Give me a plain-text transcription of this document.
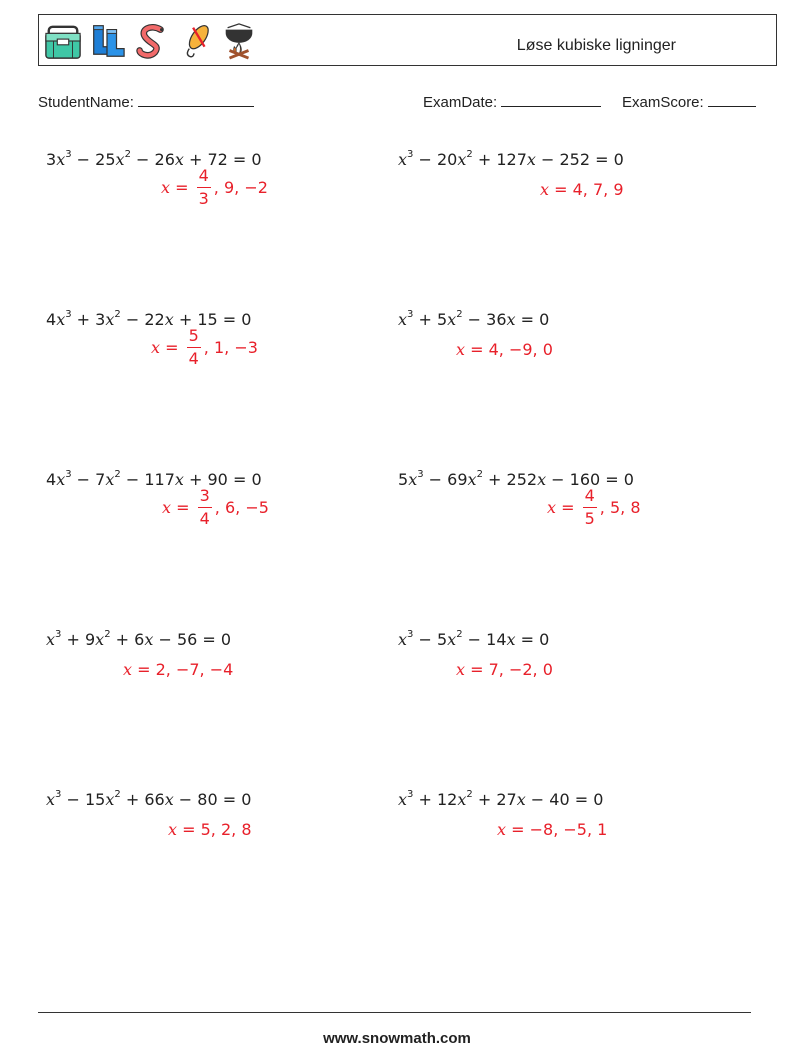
Løse kubiske ligninger
StudentName:	ExamDate:	ExamScore:
$3x^3 - 25x^2 - 26x + 72 = 0$
$x = \frac{4}{3}$ , 9, −2
$x^3 - 20x^2 + 127x - 252 = 0$
x = 4, 7, 9
$4x^3 + 3x^2 - 22x + 15 = 0$
$x = \frac{5}{4}$ , 1, −3
$x^3 + 5x^2 - 36x = 0$
x = 4, −9, 0
$4x^3 - 7x^2 - 117x + 90 = 0$
$x = \frac{3}{4}$ , 6, −5
$5x^3 - 69x^2 + 252x - 160 = 0$
$x = \frac{4}{5}$ , 5, 8
$x^3 + 9x^2 + 6x - 56 = 0$
x = 2, −7, −4
$x^3 - 5x^2 - 14x = 0$
x = 7, −2, 0
$x^3 - 15x^2 + 66x - 80 = 0$
x = 5, 2, 8
$x^3 + 12x^2 + 27x - 40 = 0$
x = −8, −5, 1
www.snowmath.com
